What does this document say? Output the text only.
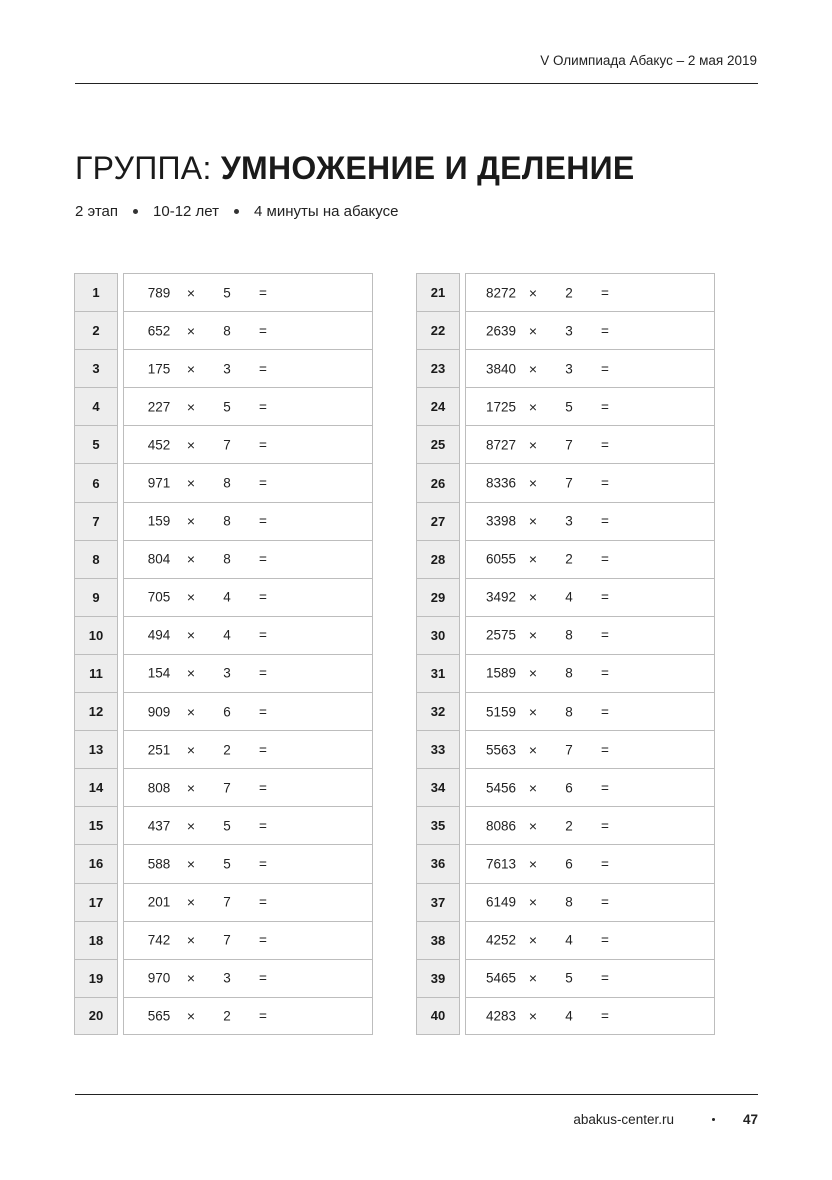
V Олимпиада Абакус – 2 мая 2019
ГРУППА: УМНОЖЕНИЕ И ДЕЛЕНИЕ
2 этап 10-12 лет 4 минуты на абакусе
1	789	× 5 =
2	652	× 8 =
3	175	× 3 =
4	227	× 5 =
5	452	× 7 =
6	971	× 8 =
7	159	× 8 =
8	804	× 8 =
9	705	× 4 =
10	494	× 4 =
11	154	× 3 =
12	909	× 6 =
13	251	× 2 =
14	808	× 7 =
15	437	× 5 =
16	588	× 5 =
17	201	× 7 =
18	742	× 7 =
19	970	× 3 =
20	565	× 2 =
21	8272 × 2 =
22	2639 × 3 =
23	3840 × 3 =
24	1725 × 5 =
25	8727 × 7 =
26	8336 × 7 =
27	3398 × 3 =
28	6055 × 2 =
29	3492 × 4 =
30	2575 × 8 =
31	1589 × 8 =
32	5159 × 8 =
33	5563 × 7 =
34	5456 × 6 =
35	8086 × 2 =
36	7613 × 6 =
37	6149 × 8 =
38	4252 × 4 =
39	5465 × 5 =
40	4283 × 4 =
abakus-center.ru	47
